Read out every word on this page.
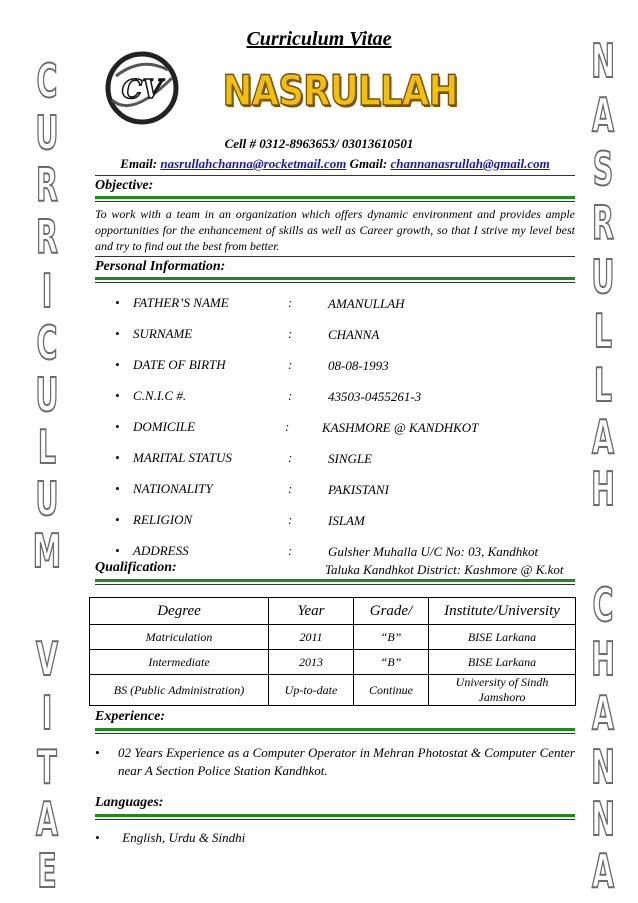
C
U
R
R
I
C
U
L
U
M
V
I
T
A
E
N
A
S
R
U
L
L
A
H
C
H
A
N
N
A
Curriculum Vitae
CV NASRULLAH
Cell # 0312-8963653/ 03013610501
Email: nasrullahchanna@rocketmail.com Gmail: channanasrullah@gmail.com
Objective:
To work with a team in an organization which offers dynamic environment and provides ample opportunities for the enhancement of skills as well as Career growth, so that I strive my level best and try to find out the best from better.
Personal Information:
• FATHER’S NAME	:	AMANULLAH
• SURNAME	:	CHANNA
• DATE OF BIRTH	:	08-08-1993
• C.N.I.C #.	:	43503-0455261-3
• DOMICILE	:	KASHMORE @ KANDHKOT
• MARITAL STATUS	:	SINGLE
• NATIONALITY	:	PAKISTANI
• RELIGION	:	ISLAM
• ADDRESS	:	Gulsher Muhalla U/C No: 03, Kandhkot
Taluka Kandhkot District: Kashmore @ K.kot
Qualification:
Degree	Year	Grade/	Institute/University
Matriculation	2011	“B”	BISE Larkana
Intermediate	2013	“B”	BISE Larkana
BS (Public Administration)	Up-to-date	Continue	University of Sindh Jamshoro
Experience:
• 02 Years Experience as a Computer Operator in Mehran Photostat & Computer Center near A Section Police Station Kandhkot.
Languages:
• English, Urdu & Sindhi
